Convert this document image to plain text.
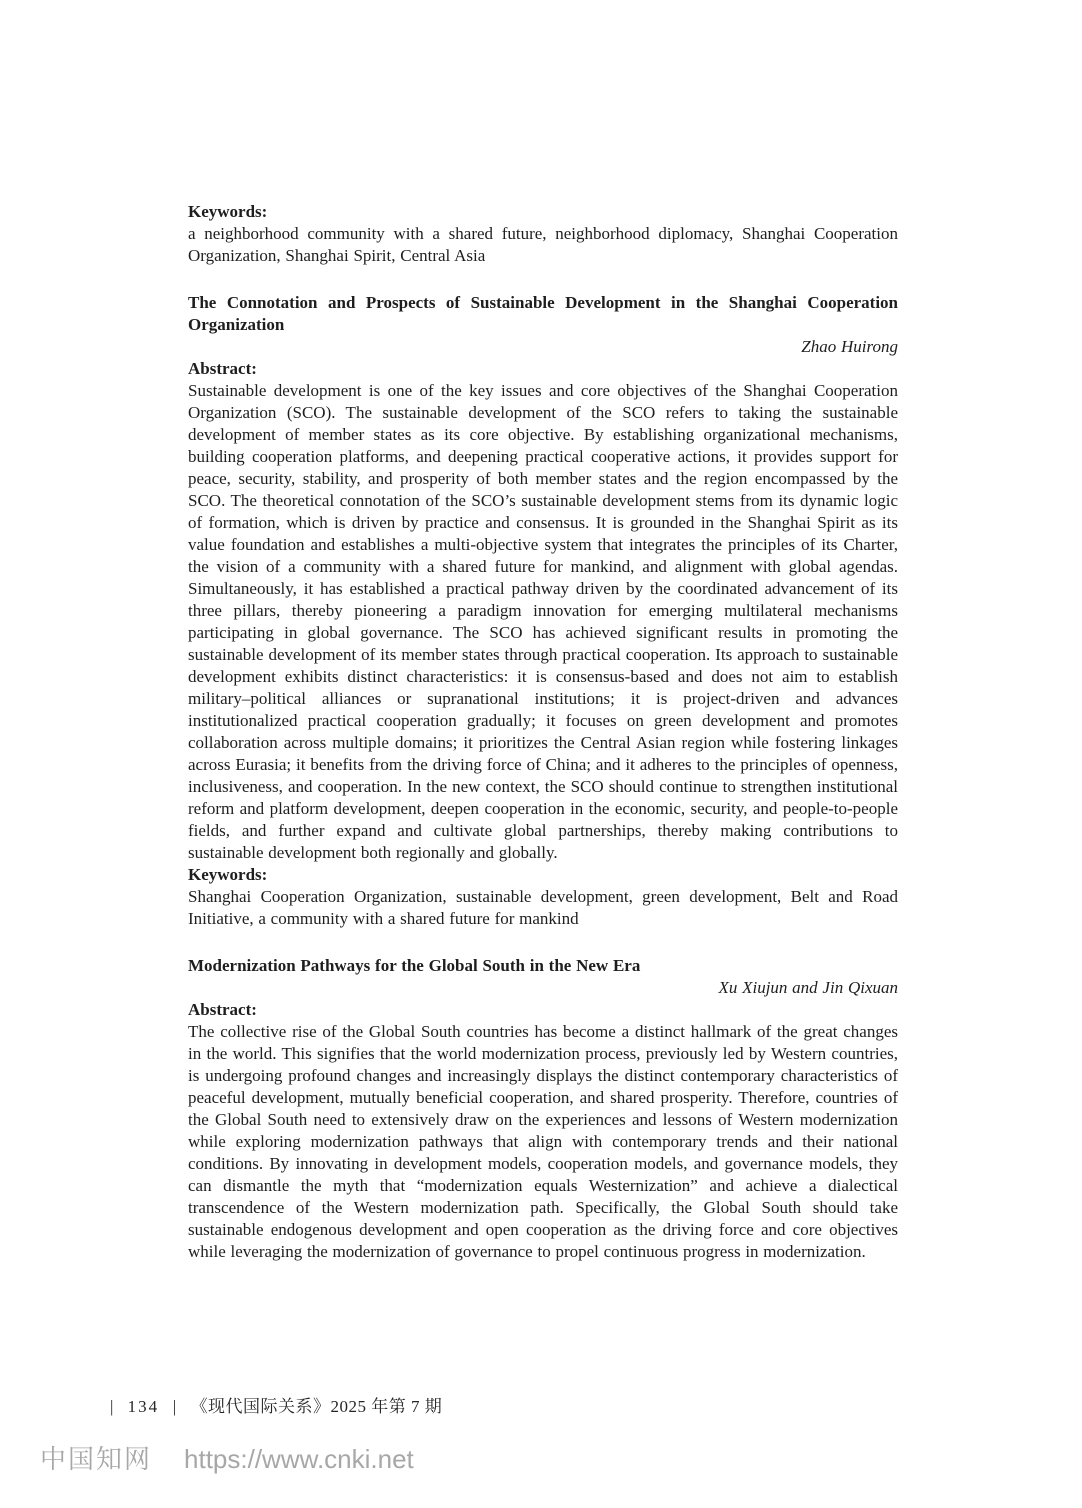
Keywords:
a neighborhood community with a shared future, neighborhood diplomacy, Shanghai Cooperation Organization, Shanghai Spirit, Central Asia
The Connotation and Prospects of Sustainable Development in the Shanghai Cooperation Organization
Zhao Huirong
Abstract:
Sustainable development is one of the key issues and core objectives of the Shanghai Cooperation Organization (SCO). The sustainable development of the SCO refers to taking the sustainable development of member states as its core objective. By establishing organizational mechanisms, building cooperation platforms, and deepening practical cooperative actions, it provides support for peace, security, stability, and prosperity of both member states and the region encompassed by the SCO. The theoretical connotation of the SCO’s sustainable development stems from its dynamic logic of formation, which is driven by practice and consensus. It is grounded in the Shanghai Spirit as its value foundation and establishes a multi-objective system that integrates the principles of its Charter, the vision of a community with a shared future for mankind, and alignment with global agendas. Simultaneously, it has established a practical pathway driven by the coordinated advancement of its three pillars, thereby pioneering a paradigm innovation for emerging multilateral mechanisms participating in global governance. The SCO has achieved significant results in promoting the sustainable development of its member states through practical cooperation. Its approach to sustainable development exhibits distinct characteristics: it is consensus-based and does not aim to establish military–political alliances or supranational institutions; it is project-driven and advances institutionalized practical cooperation gradually; it focuses on green development and promotes collaboration across multiple domains; it prioritizes the Central Asian region while fostering linkages across Eurasia; it benefits from the driving force of China; and it adheres to the principles of openness, inclusiveness, and cooperation. In the new context, the SCO should continue to strengthen institutional reform and platform development, deepen cooperation in the economic, security, and people-to-people fields, and further expand and cultivate global partnerships, thereby making contributions to sustainable development both regionally and globally.
Keywords:
Shanghai Cooperation Organization, sustainable development, green development, Belt and Road Initiative, a community with a shared future for mankind
Modernization Pathways for the Global South in the New Era
Xu Xiujun and Jin Qixuan
Abstract:
The collective rise of the Global South countries has become a distinct hallmark of the great changes in the world. This signifies that the world modernization process, previously led by Western countries, is undergoing profound changes and increasingly displays the distinct contemporary characteristics of peaceful development, mutually beneficial cooperation, and shared prosperity. Therefore, countries of the Global South need to extensively draw on the experiences and lessons of Western modernization while exploring modernization pathways that align with contemporary trends and their national conditions. By innovating in development models, cooperation models, and governance models, they can dismantle the myth that “modernization equals Westernization” and achieve a dialectical transcendence of the Western modernization path. Specifically, the Global South should take sustainable endogenous development and open cooperation as the driving force and core objectives while leveraging the modernization of governance to propel continuous progress in modernization.
| 134 | 《现代国际关系》2025 年第 7 期
中国知网 https://www.cnki.net
